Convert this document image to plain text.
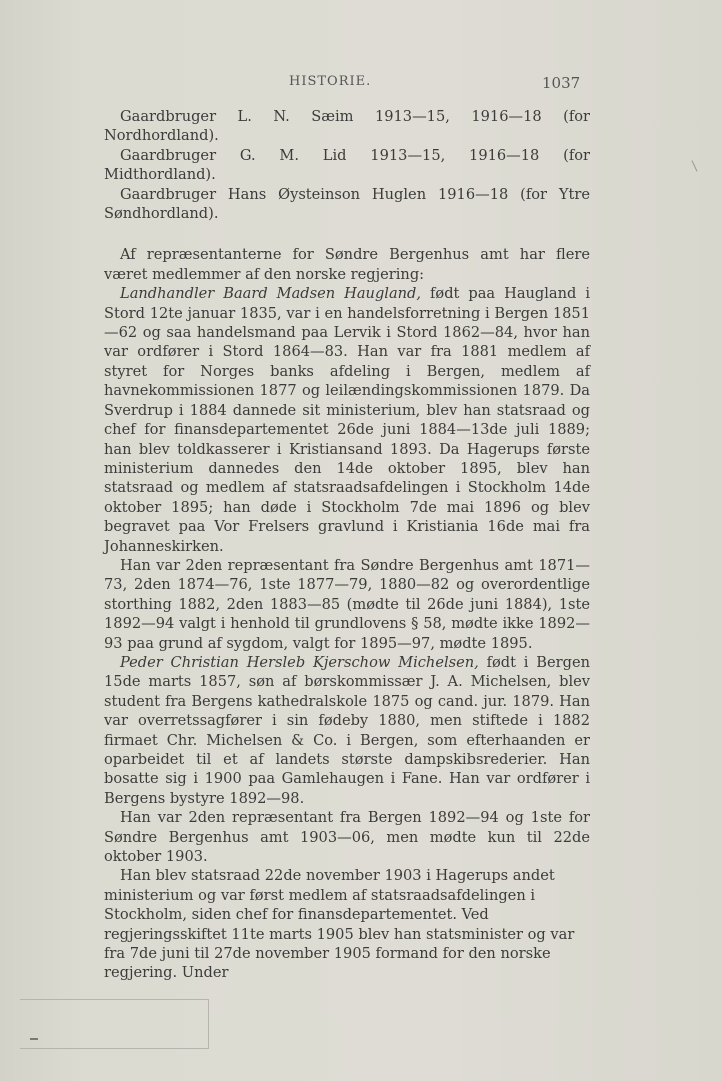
HISTORIE.	1037

Gaardbruger L. N. Sæim 1913—15, 1916—18 (for Nordhordland).

Gaardbruger G. M. Lid 1913—15, 1916—18 (for Midthordland).

Gaardbruger Hans Øysteinson Huglen 1916—18 (for Ytre Søndhordland).

Af repræsentanterne for Søndre Bergenhus amt har flere været medlemmer af den norske regjering:

Landhandler Baard Madsen Haugland, født paa Haugland i Stord 12te januar 1835, var i en handelsforretning i Bergen 1851—62 og saa handelsmand paa Lervik i Stord 1862—84, hvor han var ordfører i Stord 1864—83. Han var fra 1881 medlem af styret for Norges banks afdeling i Bergen, medlem af havnekommissionen 1877 og leilændingskommissionen 1879. Da Sverdrup i 1884 dannede sit ministerium, blev han statsraad og chef for finansdepartementet 26de juni 1884—13de juli 1889; han blev toldkasserer i Kristiansand 1893. Da Hagerups første ministerium dannedes den 14de oktober 1895, blev han statsraad og medlem af statsraadsafdelingen i Stockholm 14de oktober 1895; han døde i Stockholm 7de mai 1896 og blev begravet paa Vor Frelsers gravlund i Kristiania 16de mai fra Johanneskirken.

Han var 2den repræsentant fra Søndre Bergenhus amt 1871—73, 2den 1874—76, 1ste 1877—79, 1880—82 og overordentlige storthing 1882, 2den 1883—85 (mødte til 26de juni 1884), 1ste 1892—94 valgt i henhold til grundlovens § 58, mødte ikke 1892—93 paa grund af sygdom, valgt for 1895—97, mødte 1895.

Peder Christian Hersleb Kjerschow Michelsen, født i Bergen 15de marts 1857, søn af børskommissær J. A. Michelsen, blev student fra Bergens kathedralskole 1875 og cand. jur. 1879. Han var overretssagfører i sin fødeby 1880, men stiftede i 1882 firmaet Chr. Michelsen & Co. i Bergen, som efterhaanden er oparbeidet til et af landets største dampskibsrederier. Han bosatte sig i 1900 paa Gamlehaugen i Fane. Han var ordfører i Bergens bystyre 1892—98.

Han var 2den repræsentant fra Bergen 1892—94 og 1ste for Søndre Bergenhus amt 1903—06, men mødte kun til 22de oktober 1903.

Han blev statsraad 22de november 1903 i Hagerups andet ministerium og var først medlem af statsraadsafdelingen i Stockholm, siden chef for finansdepartementet. Ved regjeringsskiftet 11te marts 1905 blev han statsminister og var fra 7de juni til 27de november 1905 formand for den norske regjering. Under
